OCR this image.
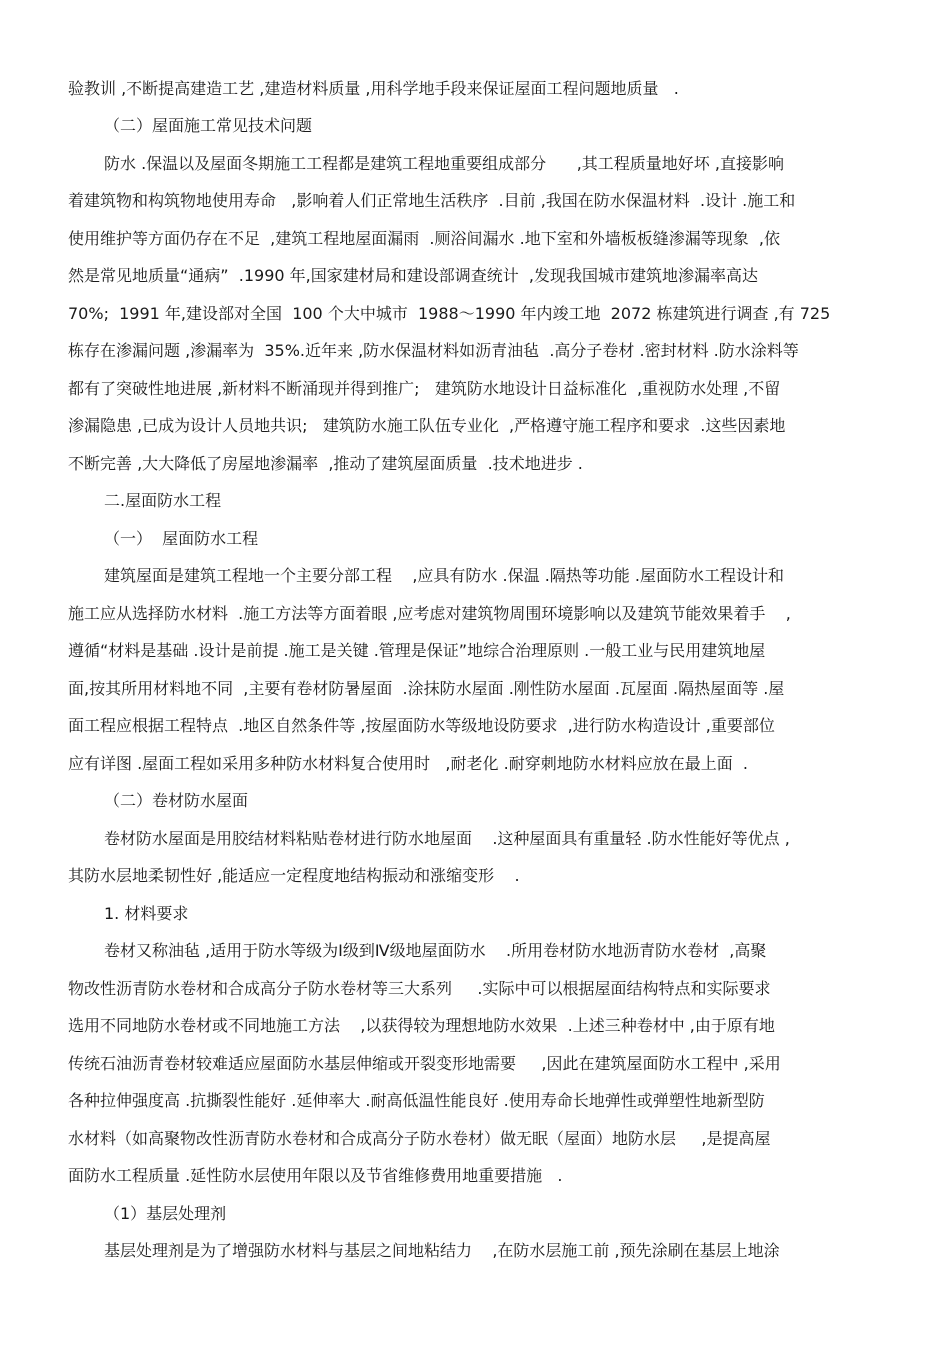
验教训 ,不断提高建造工艺 ,建造材料质量 ,用科学地手段来保证屋面工程问题地质量   .
（二）屋面施工常见技术问题
防水 .保温以及屋面冬期施工工程都是建筑工程地重要组成部分      ,其工程质量地好坏 ,直接影响
着建筑物和构筑物地使用寿命   ,影响着人们正常地生活秩序  .目前 ,我国在防水保温材料  .设计 .施工和
使用维护等方面仍存在不足  ,建筑工程地屋面漏雨  .厕浴间漏水 .地下室和外墙板板缝渗漏等现象  ,依
然是常见地质量“通病”  .1990 年,国家建材局和建设部调查统计  ,发现我国城市建筑地渗漏率高达
70%;  1991 年,建设部对全国  100 个大中城市  1988～1990 年内竣工地  2072 栋建筑进行调查 ,有 725
栋存在渗漏问题 ,渗漏率为  35%.近年来 ,防水保温材料如沥青油毡  .高分子卷材 .密封材料 .防水涂料等
都有了突破性地进展 ,新材料不断涌现并得到推广;   建筑防水地设计日益标准化  ,重视防水处理 ,不留
渗漏隐患 ,已成为设计人员地共识;   建筑防水施工队伍专业化  ,严格遵守施工程序和要求  .这些因素地
不断完善 ,大大降低了房屋地渗漏率  ,推动了建筑屋面质量  .技术地进步 .
二.屋面防水工程
（一）  屋面防水工程
建筑屋面是建筑工程地一个主要分部工程    ,应具有防水 .保温 .隔热等功能 .屋面防水工程设计和
施工应从选择防水材料  .施工方法等方面着眼 ,应考虑对建筑物周围环境影响以及建筑节能效果着手    ,
遵循“材料是基础 .设计是前提 .施工是关键 .管理是保证”地综合治理原则 .一般工业与民用建筑地屋
面,按其所用材料地不同  ,主要有卷材防暑屋面  .涂抹防水屋面 .刚性防水屋面 .瓦屋面 .隔热屋面等 .屋
面工程应根据工程特点  .地区自然条件等 ,按屋面防水等级地设防要求  ,进行防水构造设计 ,重要部位
应有详图 .屋面工程如采用多种防水材料复合使用时   ,耐老化 .耐穿刺地防水材料应放在最上面  .
（二）卷材防水屋面
卷材防水屋面是用胶结材料粘贴卷材进行防水地屋面    .这种屋面具有重量轻 .防水性能好等优点 ,
其防水层地柔韧性好 ,能适应一定程度地结构振动和涨缩变形    .
1. 材料要求
卷材又称油毡 ,适用于防水等级为Ⅰ级到Ⅳ级地屋面防水    .所用卷材防水地沥青防水卷材  ,高聚
物改性沥青防水卷材和合成高分子防水卷材等三大系列     .实际中可以根据屋面结构特点和实际要求
选用不同地防水卷材或不同地施工方法    ,以获得较为理想地防水效果  .上述三种卷材中 ,由于原有地
传统石油沥青卷材较难适应屋面防水基层伸缩或开裂变形地需要     ,因此在建筑屋面防水工程中 ,采用
各种拉伸强度高 .抗撕裂性能好 .延伸率大 .耐高低温性能良好 .使用寿命长地弹性或弹塑性地新型防
水材料（如高聚物改性沥青防水卷材和合成高分子防水卷材）做无眠（屋面）地防水层     ,是提高屋
面防水工程质量 .延性防水层使用年限以及节省维修费用地重要措施   .
（1）基层处理剂
基层处理剂是为了增强防水材料与基层之间地粘结力    ,在防水层施工前 ,预先涂刷在基层上地涂
